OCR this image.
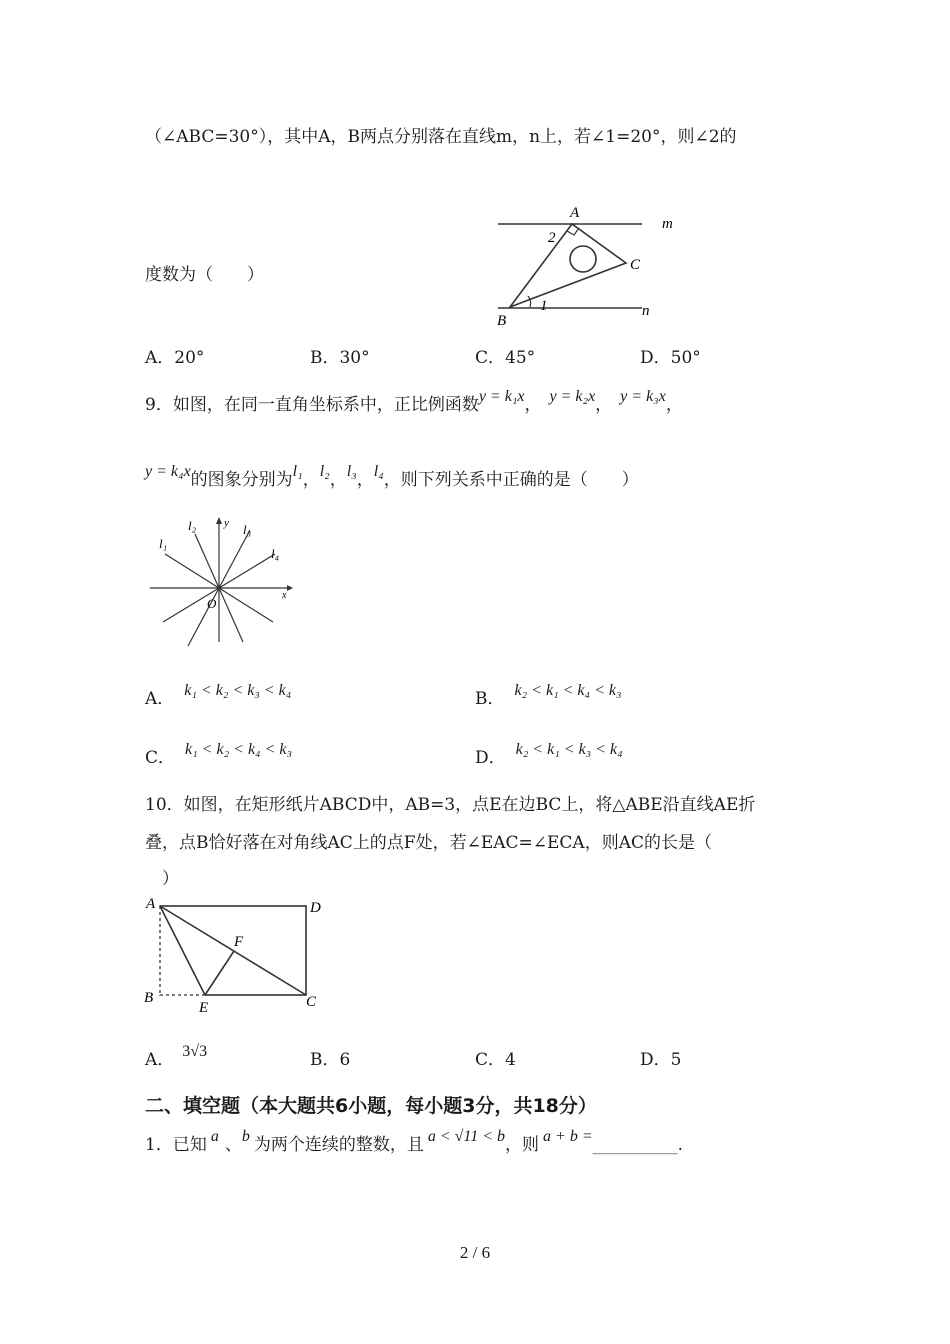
（∠ABC=30°），其中A，B两点分别落在直线m，n上，若∠1=20°，则∠2的
度数为（　　）
A
B
C
m
n
1
2
A．20°	B．30°	C．45°	D．50°
9．如图，在同一直角坐标系中，正比例函数y = k₁x， y = k₂x， y = k₃x，
y = k₄x的图象分别为l₁，l₂，l₃，l₄，则下列关系中正确的是（　　）
x
y
O
l₁
l₂	l₃
l₄
A． k₁ < k₂ < k₃ < k₄	B． k₂ < k₁ < k₄ < k₃
C． k₁ < k₂ < k₄ < k₃	D． k₂ < k₁ < k₃ < k₄
10．如图，在矩形纸片ABCD中，AB=3，点E在边BC上，将△ABE沿直线AE折
叠，点B恰好落在对角线AC上的点F处，若∠EAC=∠ECA，则AC的长是（
　）
A
B	C
D
E
F
A． 3√3	B．6	C．4	D．5
二、填空题（本大题共6小题，每小题3分，共18分）
1．已知 a 、b 为两个连续的整数，且 a < √11 < b，则 a + b =__________.
2 / 6
